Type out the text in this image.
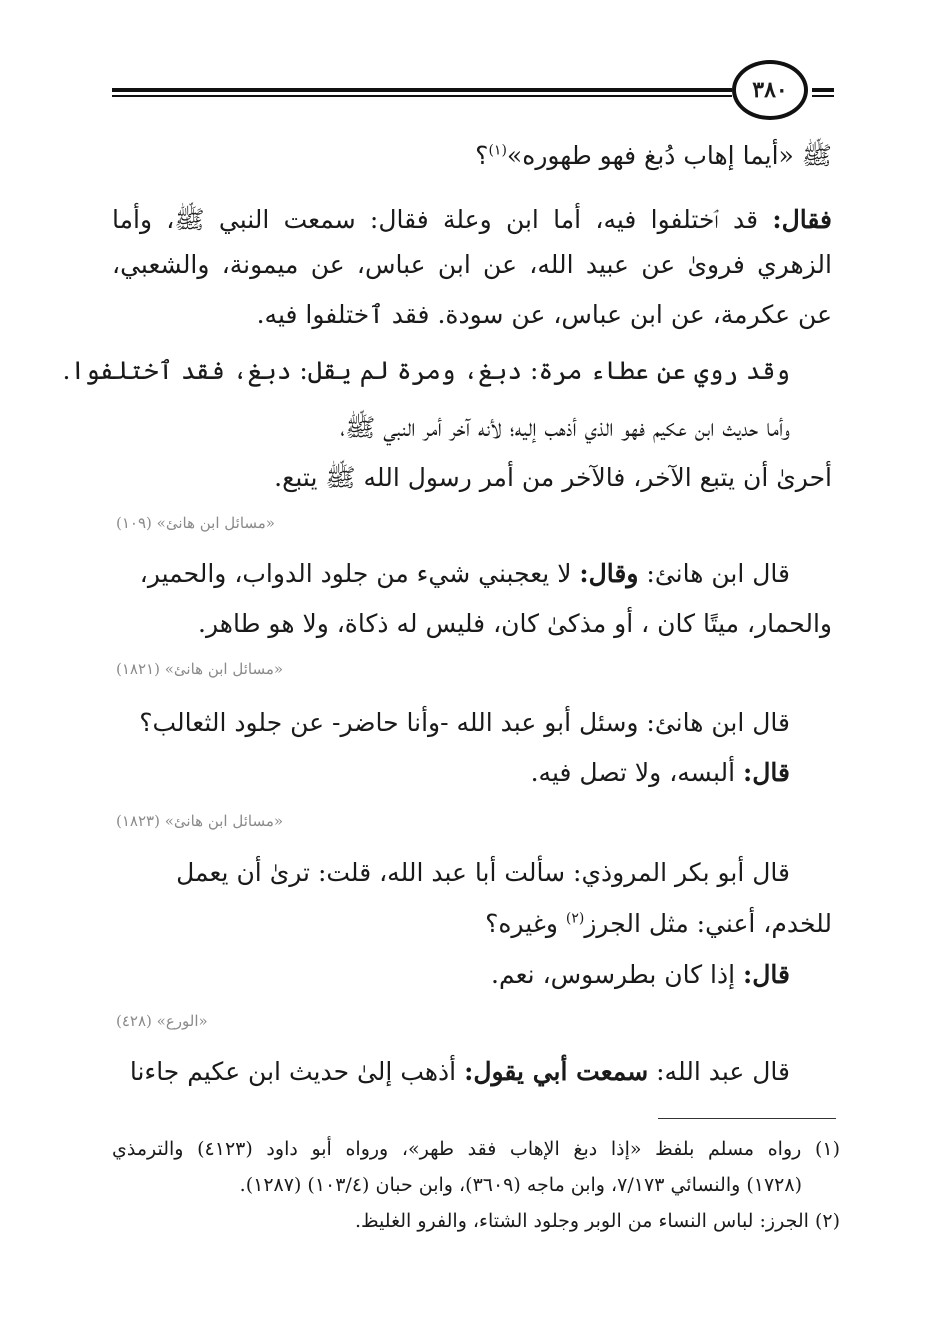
٣٨٠
ﷺ «أيما إهاب دُبغ فهو طهوره»$^{(١)}$؟
فقال: قد ٱختلفوا فيه، أما ابن وعلة فقال: سمعت النبي ﷺ، وأما
الزهري فروىٰ عن عبيد الله، عن ابن عباس، عن ميمونة، والشعبي،
عن عكرمة، عن ابن عباس، عن سودة. فقد ٱختلفوا فيه.
وقد روي عن عطاء مرة: دبغ، ومرة لم يقل: دبغ، فقد ٱختلفوا.
وأما حديث ابن عكيم فهو الذي أذهب إليه؛ لأنه آخر أمر النبي ﷺ،
أحرىٰ أن يتبع الآخر، فالآخر من أمر رسول الله ﷺ يتبع.
«مسائل ابن هانئ» (١٠٩)
قال ابن هانئ: وقال: لا يعجبني شيء من جلود الدواب، والحمير،
والحمار، ميتًا كان ، أو مذكىٰ كان، فليس له ذكاة، ولا هو طاهر.
«مسائل ابن هانئ» (١٨٢١)
قال ابن هانئ: وسئل أبو عبد الله -وأنا حاضر- عن جلود الثعالب؟
قال: ألبسه، ولا تصل فيه.
«مسائل ابن هانئ» (١٨٢٣)
قال أبو بكر المروذي: سألت أبا عبد الله، قلت: ترىٰ أن يعمل
للخدم، أعني: مثل الجرز$^{(٢)}$ وغيره؟
قال: إذا كان بطرسوس، نعم.
«الورع» (٤٢٨)
قال عبد الله: سمعت أبي يقول: أذهب إلىٰ حديث ابن عكيم جاءنا
(١) رواه مسلم بلفظ «إذا دبغ الإهاب فقد طهر»، ورواه أبو داود (٤١٢٣) والترمذي
(١٧٢٨) والنسائي ٧/١٧٣، وابن ماجه (٣٦٠٩)، وابن حبان (١٠٣/٤) (١٢٨٧).
(٢) الجرز: لباس النساء من الوبر وجلود الشتاء، والفرو الغليظ.
